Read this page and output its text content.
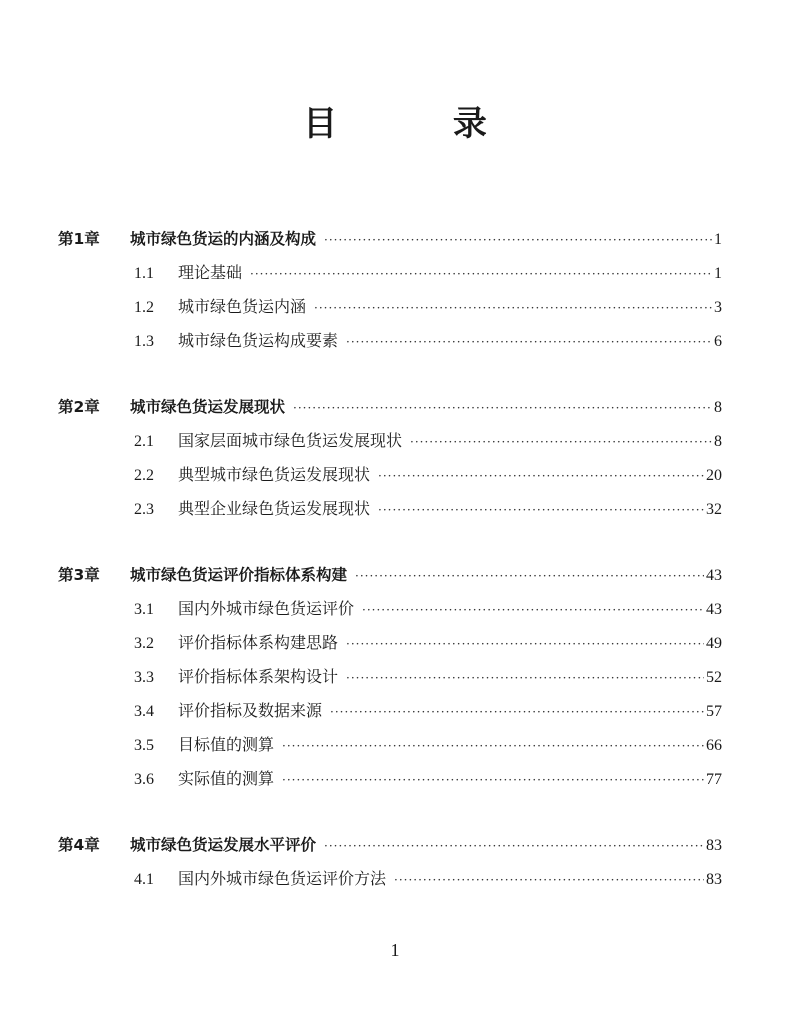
目 录
第1章	城市绿色货运的内涵及构成 ·····	1
1.1	理论基础 ·····	1
1.2	城市绿色货运内涵 ·····	3
1.3	城市绿色货运构成要素 ·····	6
第2章	城市绿色货运发展现状 ·····	8
2.1	国家层面城市绿色货运发展现状 ·····	8
2.2	典型城市绿色货运发展现状 ·····	20
2.3	典型企业绿色货运发展现状 ·····	32
第3章	城市绿色货运评价指标体系构建 ·····	43
3.1	国内外城市绿色货运评价 ·····	43
3.2	评价指标体系构建思路 ·····	49
3.3	评价指标体系架构设计 ·····	52
3.4	评价指标及数据来源 ·····	57
3.5	目标值的测算 ·····	66
3.6	实际值的测算 ·····	77
第4章	城市绿色货运发展水平评价 ·····	83
4.1	国内外城市绿色货运评价方法 ·····	83
1
